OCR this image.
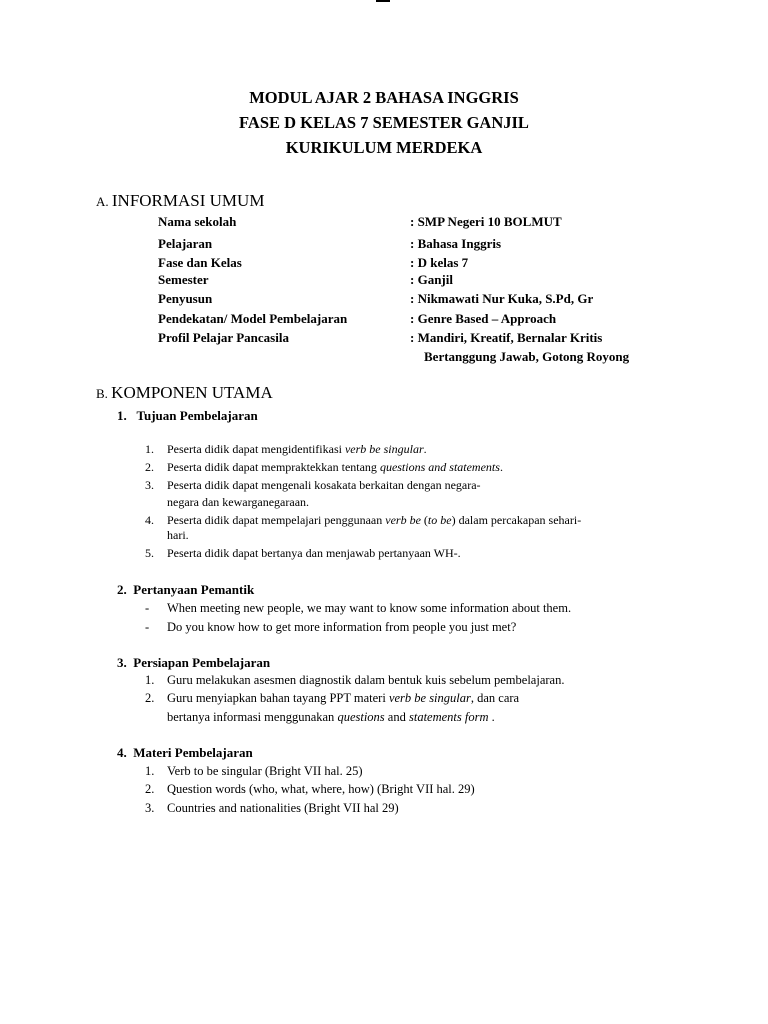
MODUL AJAR 2 BAHASA INGGRIS
FASE D KELAS 7 SEMESTER GANJIL
KURIKULUM MERDEKA
A. INFORMASI UMUM
Nama sekolah	: SMP Negeri 10 BOLMUT
Pelajaran	: Bahasa Inggris
Fase dan Kelas	: D kelas 7
Semester	: Ganjil
Penyusun	: Nikmawati Nur Kuka, S.Pd, Gr
Pendekatan/ Model Pembelajaran	: Genre Based – Approach
Profil Pelajar Pancasila	: Mandiri, Kreatif, Bernalar Kritis
Bertanggung Jawab, Gotong Royong
B. KOMPONEN UTAMA
1. Tujuan Pembelajaran
1. Peserta didik dapat mengidentifikasi verb be singular.
2. Peserta didik dapat mempraktekkan tentang questions and statements.
3. Peserta didik dapat mengenali kosakata berkaitan dengan negara-
negara dan kewarganegaraan.
4. Peserta didik dapat mempelajari penggunaan verb be (to be) dalam percakapan sehari-
hari.
5. Peserta didik dapat bertanya dan menjawab pertanyaan WH-.
2. Pertanyaan Pemantik
- When meeting new people, we may want to know some information about them.
- Do you know how to get more information from people you just met?
3. Persiapan Pembelajaran
1. Guru melakukan asesmen diagnostik dalam bentuk kuis sebelum pembelajaran.
2. Guru menyiapkan bahan tayang PPT materi verb be singular, dan cara
bertanya informasi menggunakan questions and statements form .
4. Materi Pembelajaran
1. Verb to be singular (Bright VII hal. 25)
2. Question words (who, what, where, how) (Bright VII hal. 29)
3. Countries and nationalities (Bright VII hal 29)
